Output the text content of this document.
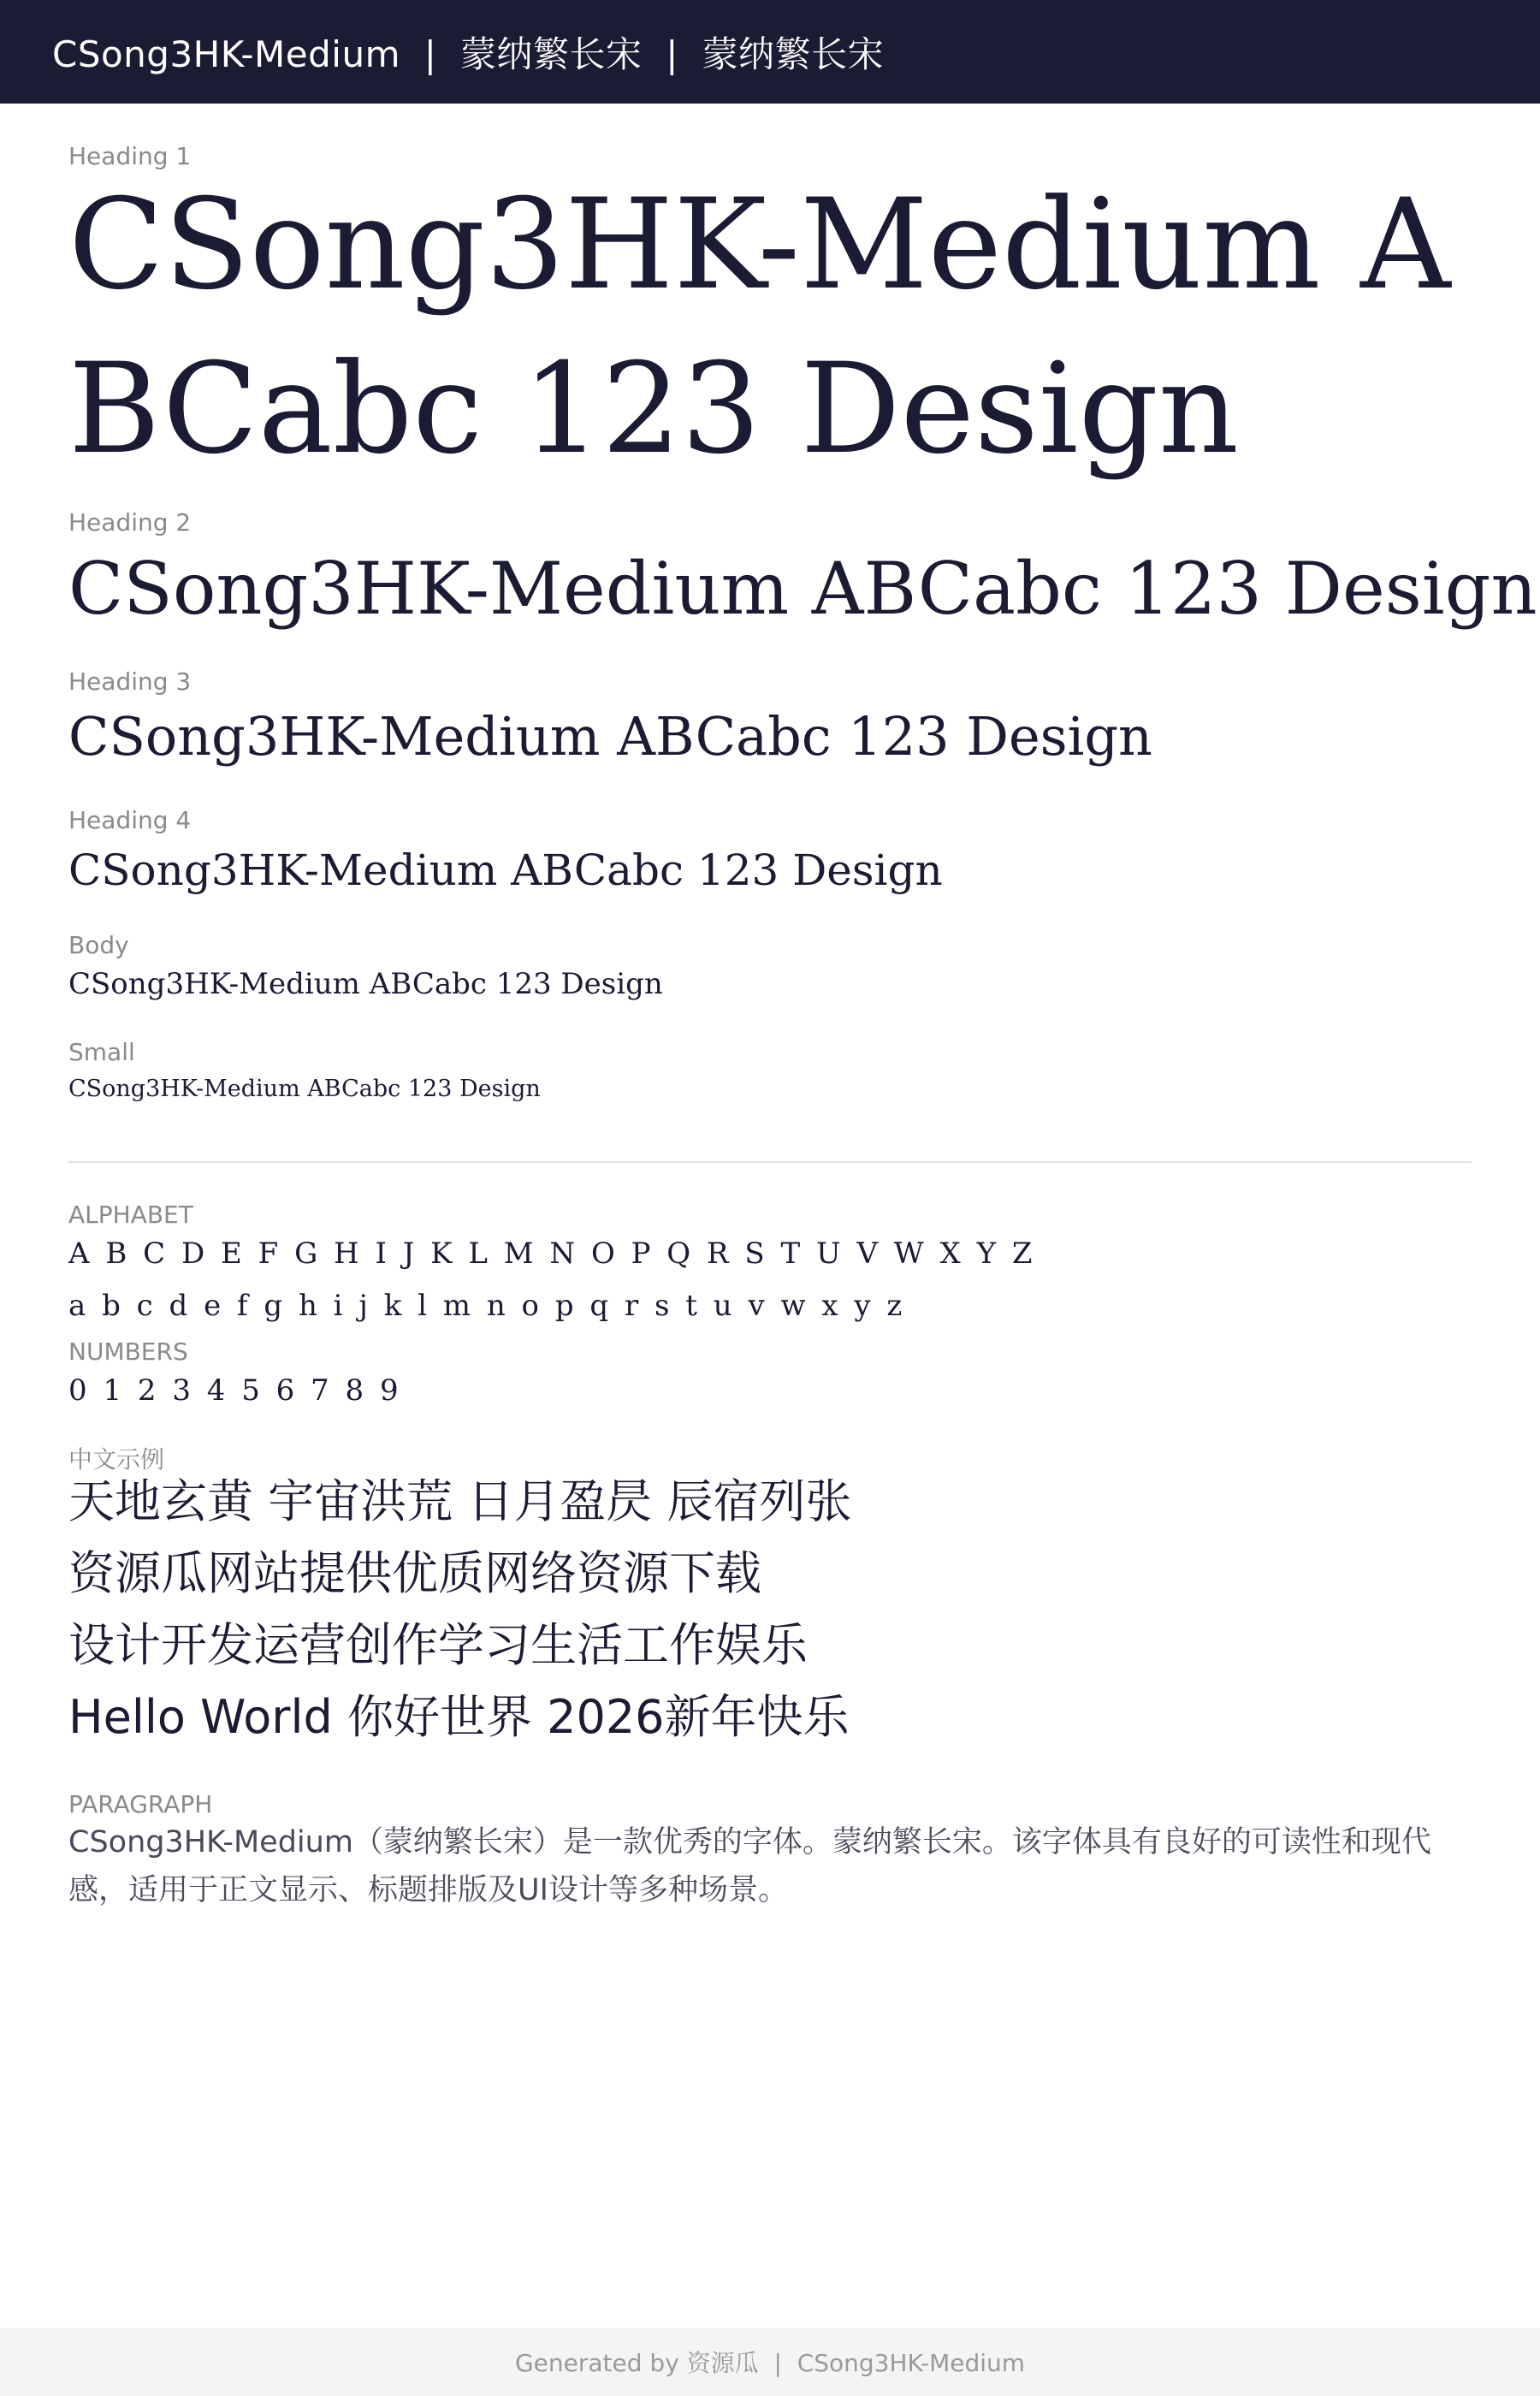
CSong3HK-Medium  |  蒙纳繁长宋  |  蒙纳繁长宋
Heading 1
CSong3HK-Medium ABCabc 123 Design
Heading 2
CSong3HK-Medium ABCabc 123 Design
Heading 3
CSong3HK-Medium ABCabc 123 Design
Heading 4
CSong3HK-Medium ABCabc 123 Design
Body
CSong3HK-Medium ABCabc 123 Design
Small
CSong3HK-Medium ABCabc 123 Design
ALPHABET
A B C D E F G H I J K L M N O P Q R S T U V W X Y Z
a b c d e f g h i j k l m n o p q r s t u v w x y z
NUMBERS
0 1 2 3 4 5 6 7 8 9
中文示例
天地玄黄 宇宙洪荒 日月盈昃 辰宿列张
资源瓜网站提供优质网络资源下载
设计开发运营创作学习生活工作娱乐
Hello World 你好世界 2026新年快乐
PARAGRAPH
CSong3HK-Medium（蒙纳繁长宋）是一款优秀的字体。蒙纳繁长宋。该字体具有良好的可读性和现代感，适用于正文显示、标题排版及UI设计等多种场景。
Generated by 资源瓜  |  CSong3HK-Medium
